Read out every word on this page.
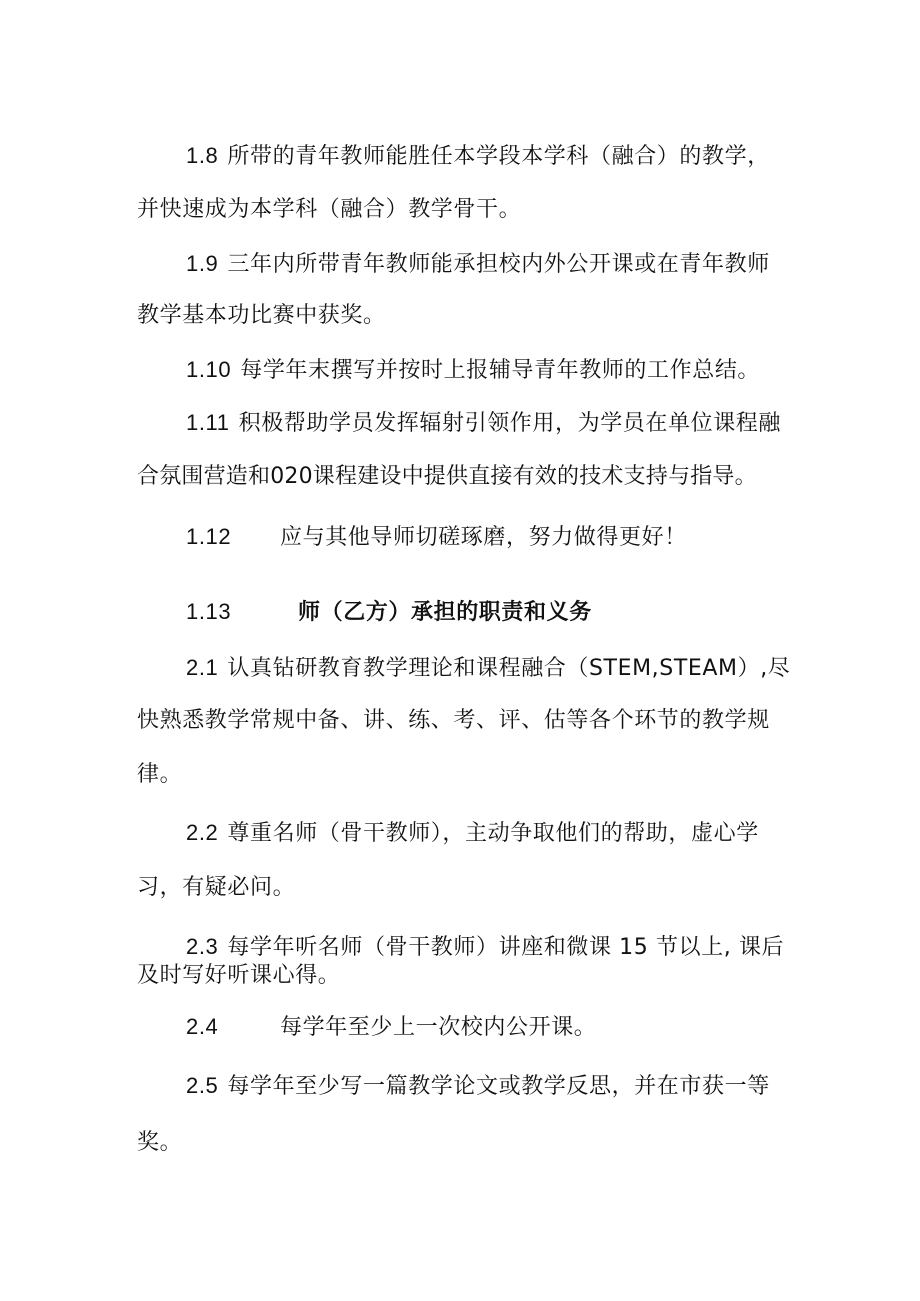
1.8 所带的青年教师能胜任本学段本学科（融合）的教学，
并快速成为本学科（融合）教学骨干。
1.9 三年内所带青年教师能承担校内外公开课或在青年教师
教学基本功比赛中获奖。
1.10 每学年末撰写并按时上报辅导青年教师的工作总结。
1.11 积极帮助学员发挥辐射引领作用，为学员在单位课程融
合氛围营造和020课程建设中提供直接有效的技术支持与指导。
1.12 应与其他导师切磋琢磨，努力做得更好！
1.13	师（乙方）承担的职责和义务
2.1 认真钻研教育教学理论和课程融合（STEM,STEAM）,尽
快熟悉教学常规中备、讲、练、考、评、估等各个环节的教学规
律。
2.2 尊重名师（骨干教师），主动争取他们的帮助，虚心学
习，有疑必问。
2.3 每学年听名师（骨干教师）讲座和微课 15 节以上, 课后
及时写好听课心得。
2.4	每学年至少上一次校内公开课。
2.5 每学年至少写一篇教学论文或教学反思，并在市获一等
奖。
